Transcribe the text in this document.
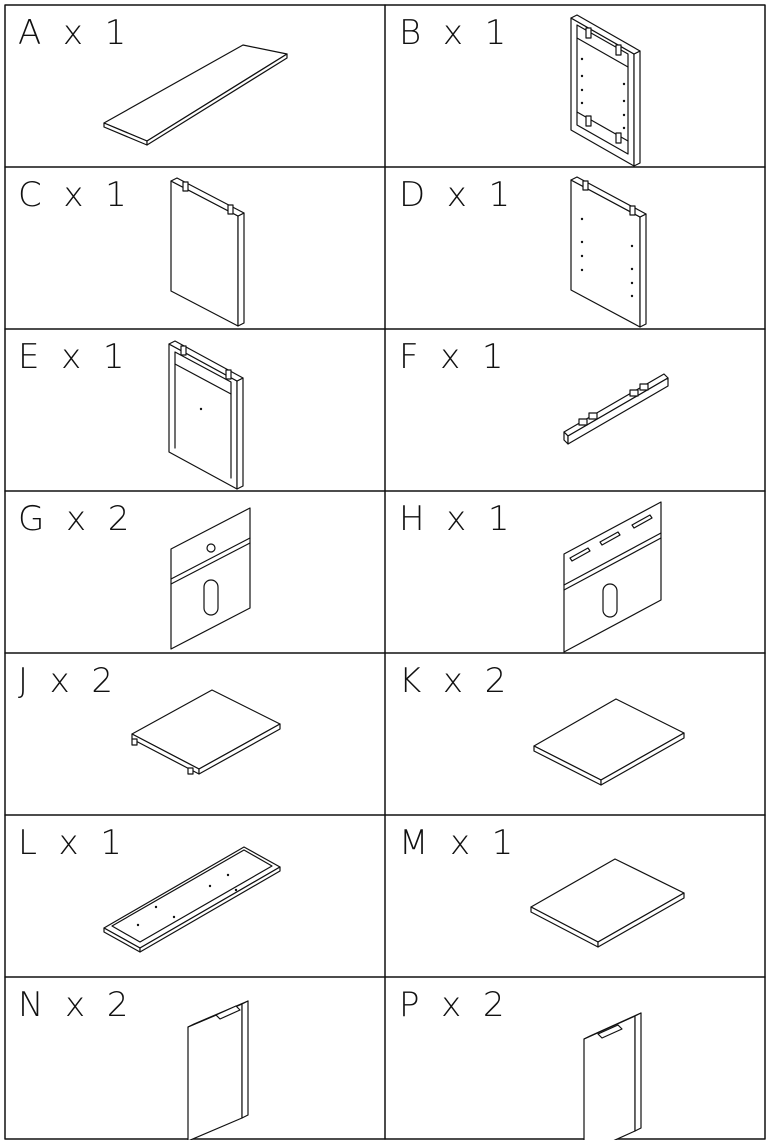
A  x  1	B  x  1
C  x  1	D  x  1
E  x  1	F  x  1
G  x  2	H  x  1
J  x  2	K  x  2
L  x  1	M  x  1
N  x  2	P  x  2
